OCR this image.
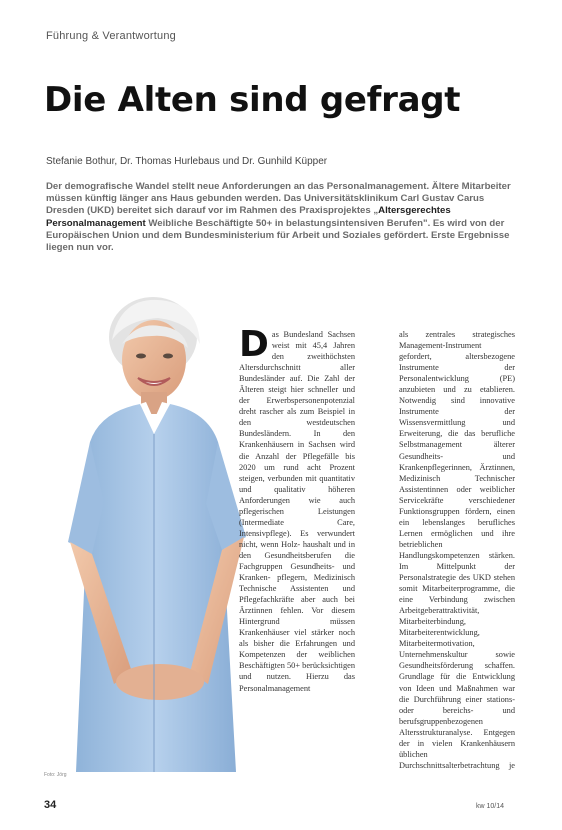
Führung & Verantwortung
Die Alten sind gefragt
Stefanie Bothur, Dr. Thomas Hurlebaus und Dr. Gunhild Küpper
Der demografische Wandel stellt neue Anforderungen an das Personalmanagement. Ältere Mitarbeiter müssen künftig länger ans Haus gebunden werden. Das Universitätsklinikum Carl Gustav Carus Dresden (UKD) bereitet sich darauf vor im Rahmen des Praxisprojektes „Altersgerechtes Personalmanagement Weibliche Beschäftigte 50+ in belastungsintensiven Berufen". Es wird von der Europäischen Union und dem Bundesministerium für Arbeit und Soziales gefördert. Erste Ergebnisse liegen nun vor.
Foto: Jörg

Das Bundesland Sachsen weist mit 45,4 Jahren den zweithöchsten Altersdurchschnitt aller Bundesländer auf. Die Zahl der Älteren steigt hier schneller und der Erwerbspersonenpotenzial dreht rascher als zum Beispiel in den westdeutschen Bundesländern. In den Krankenhäusern in Sachsen wird die Anzahl der Pflegefälle bis 2020 um rund acht Prozent steigen, verbunden mit quantitativ und qualitativ höheren Anforderungen wie auch pflegerischen Leistungen (Intermediate Care, Intensivpflege). Es verwundert nicht, wenn Holz- haushalt und in den Gesundheitsberufen die Fachgruppen Gesundheits- und Kranken- pflegern, Medizinisch Technische Assistenten und Pflegefachkräfte aber auch bei Ärztinnen fehlen. Vor diesem Hintergrund müssen Krankenhäuser viel stärker noch als bisher die Erfahrungen und Kompetenzen der weiblichen Beschäftigten 50+ berücksichtigen und nutzen. Hierzu das Personalmanagement

als zentrales strategisches Management-Instrument gefordert, altersbezogene Instrumente der Personalentwicklung (PE) anzubieten und zu etablieren. Notwendig sind innovative Instrumente der Wissensvermittlung und Erweiterung, die das berufliche Selbstmanagement älterer Gesundheits- und Krankenpflegerinnen, Ärztinnen, Medizinisch Technischer Assistentinnen oder weiblicher Servicekräfte verschiedener Funktionsgruppen fördern, einen ein lebenslanges berufliches Lernen ermöglichen und ihre betrieblichen Handlungskompetenzen stärken. Im Mittelpunkt der Personalstrategie des UKD stehen somit Mitarbeiterprogramme, die eine Verbindung zwischen Arbeitgeberattraktivität, Mitarbeiterbindung, Mitarbeiterentwicklung, Mitarbeitermotivation, Unternehmenskultur sowie Gesundheitsförderung schaffen. Grundlage für die Entwicklung von Ideen und Maßnahmen war die Durchführung einer stations- oder bereichs- und berufsgruppenbezogenen Altersstrukturanalyse. Entgegen der in vielen Krankenhäusern üblichen Durchschnittsalterbetrachtung je

34	kw 10/14
